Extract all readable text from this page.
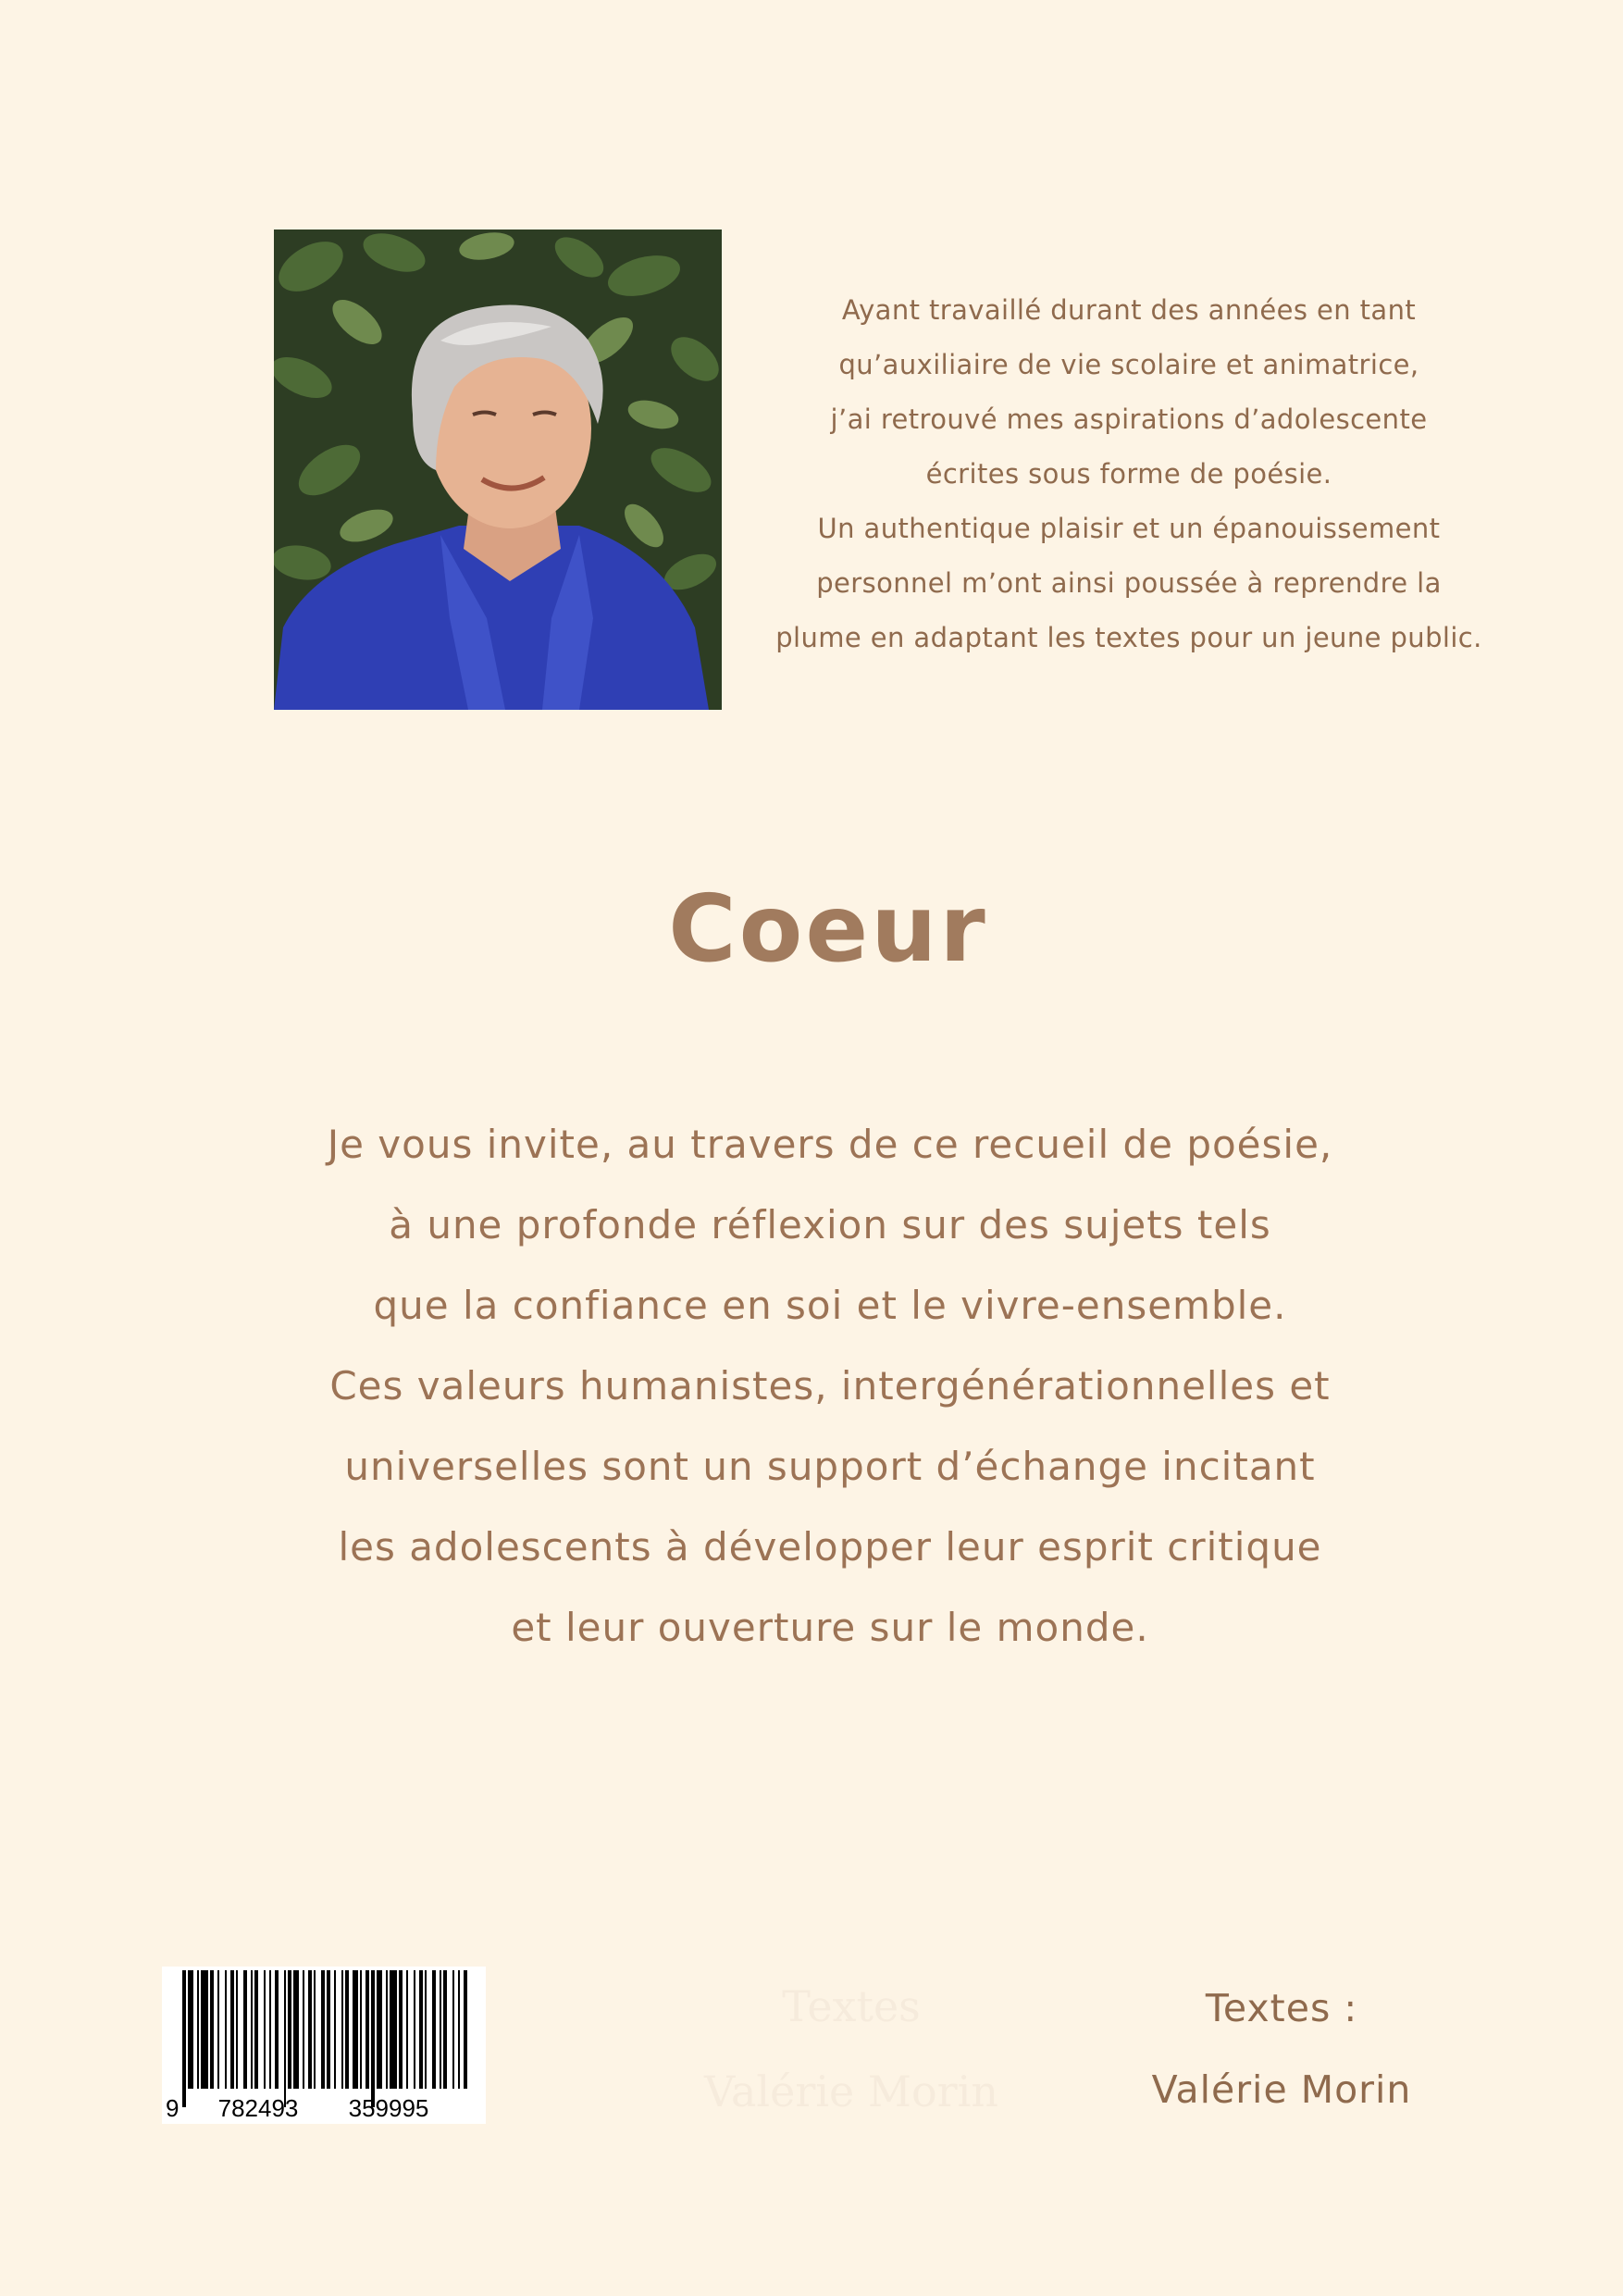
Ayant travaillé durant des années en tant
qu’auxiliaire de vie scolaire et animatrice,
j’ai retrouvé mes aspirations d’adolescente
écrites sous forme de poésie.
Un authentique plaisir et un épanouissement
personnel m’ont ainsi poussée à reprendre la
plume en adaptant les textes pour un jeune public.
Coeur
Je vous invite, au travers de ce recueil de poésie,
à une profonde réflexion sur des sujets tels
que la confiance en soi et le vivre-ensemble.
Ces valeurs humanistes, intergénérationnelles et
universelles sont un support d’échange incitant
les adolescents à développer leur esprit critique
et leur ouverture sur le monde.
9 782493 359995
Textes
Valérie Morin
Textes :
Valérie Morin
